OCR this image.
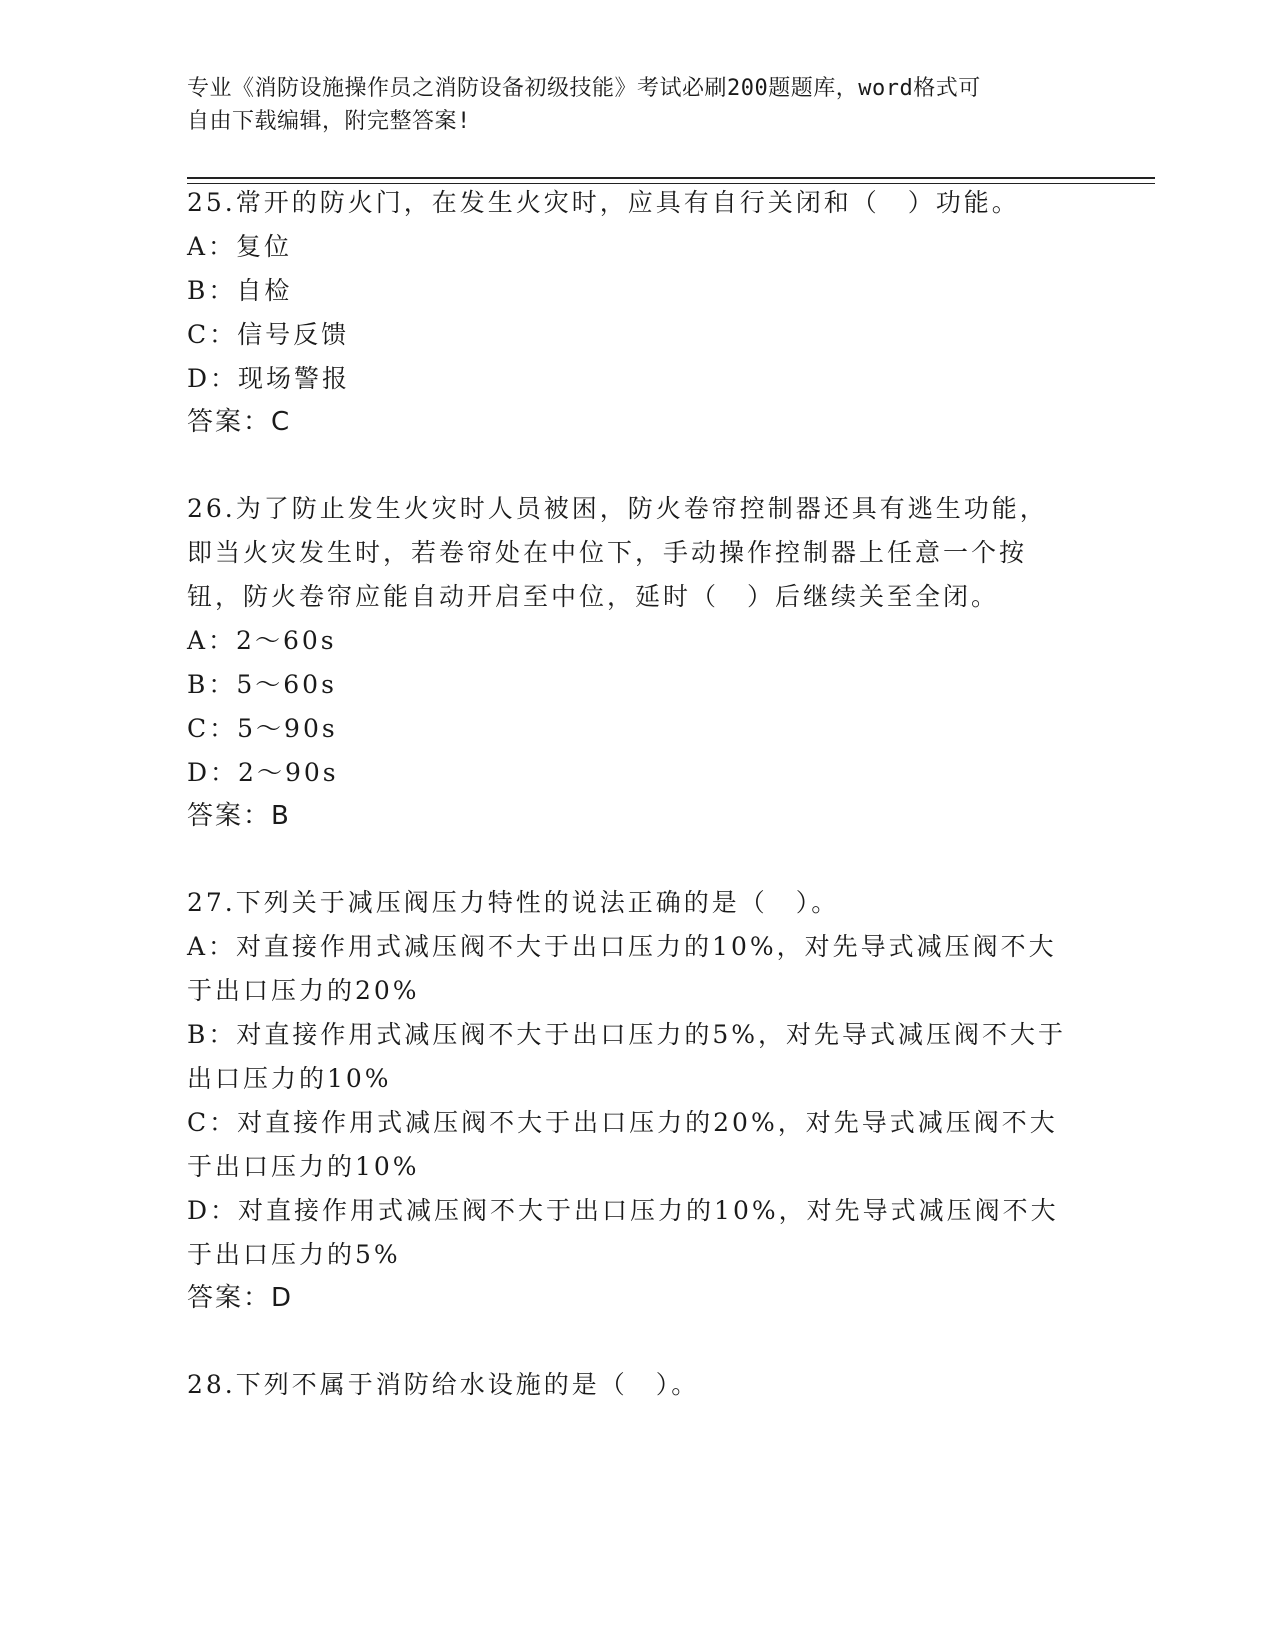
专业《消防设施操作员之消防设备初级技能》考试必刷200题题库，word格式可
自由下载编辑，附完整答案!
25.常开的防火门，在发生火灾时，应具有自行关闭和（　）功能。
A：复位
B：自检
C：信号反馈
D：现场警报
答案：C
26.为了防止发生火灾时人员被困，防火卷帘控制器还具有逃生功能，
即当火灾发生时，若卷帘处在中位下，手动操作控制器上任意一个按
钮，防火卷帘应能自动开启至中位，延时（　）后继续关至全闭。
A：2～60s
B：5～60s
C：5～90s
D：2～90s
答案：B
27.下列关于减压阀压力特性的说法正确的是（　）。
A：对直接作用式减压阀不大于出口压力的10%，对先导式减压阀不大
于出口压力的20%
B：对直接作用式减压阀不大于出口压力的5%，对先导式减压阀不大于
出口压力的10%
C：对直接作用式减压阀不大于出口压力的20%，对先导式减压阀不大
于出口压力的10%
D：对直接作用式减压阀不大于出口压力的10%，对先导式减压阀不大
于出口压力的5%
答案：D
28.下列不属于消防给水设施的是（　）。
